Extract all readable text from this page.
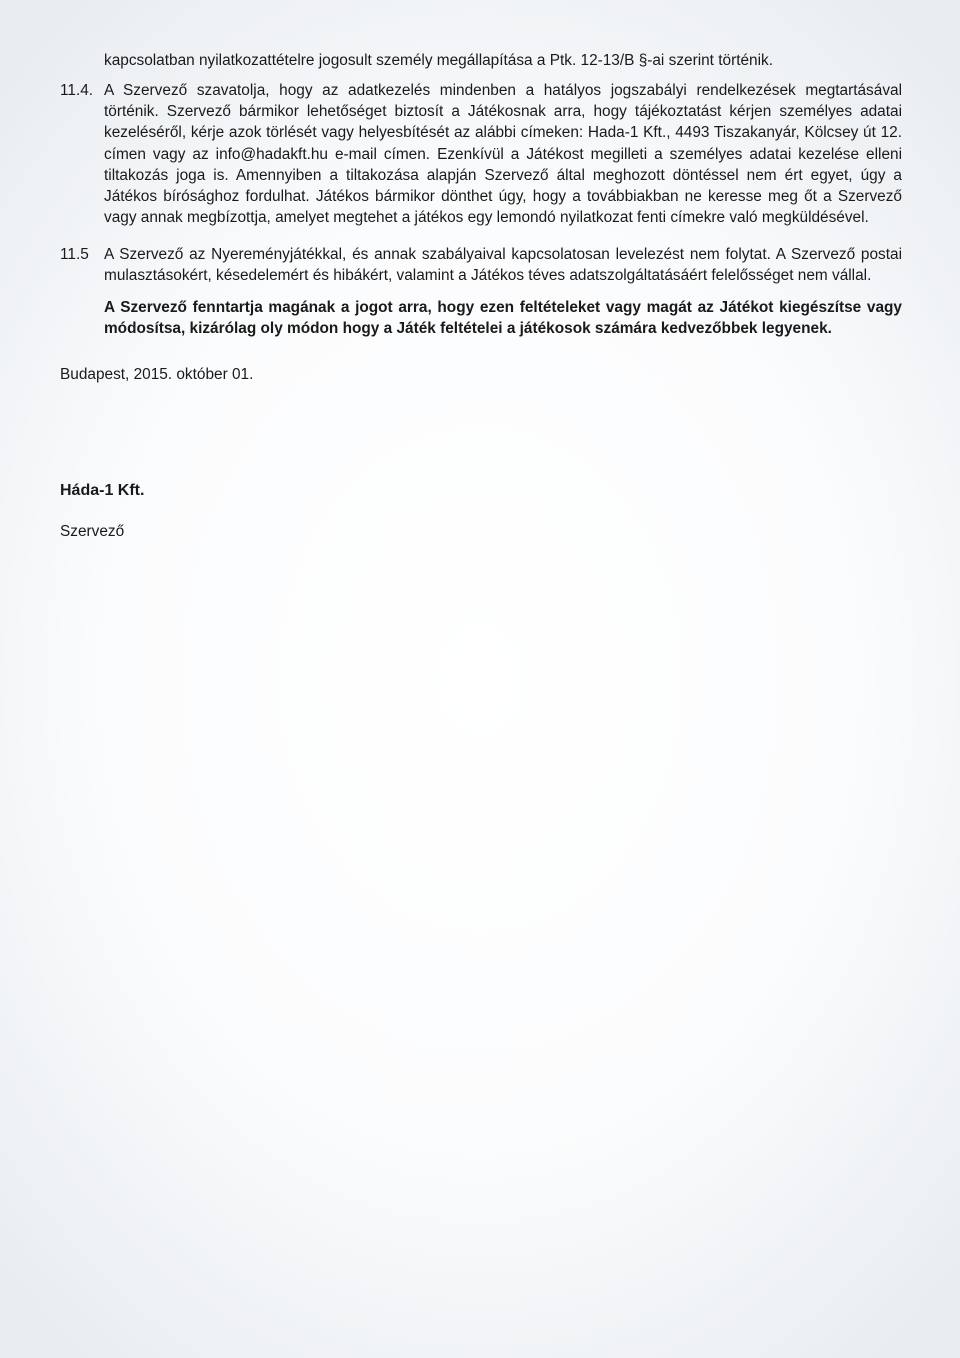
kapcsolatban nyilatkozattételre jogosult személy megállapítása a Ptk. 12-13/B §-ai szerint történik.
11.4. A Szervező szavatolja, hogy az adatkezelés mindenben a hatályos jogszabályi rendelkezések megtartásával történik. Szervező bármikor lehetőséget biztosít a Játékosnak arra, hogy tájékoztatást kérjen személyes adatai kezeléséről, kérje azok törlését vagy helyesbítését az alábbi címeken: Hada-1 Kft., 4493 Tiszakanyár, Kölcsey út 12. címen vagy az info@hadakft.hu e-mail címen. Ezenkívül a Játékost megilleti a személyes adatai kezelése elleni tiltakozás joga is. Amennyiben a tiltakozása alapján Szervező által meghozott döntéssel nem ért egyet, úgy a Játékos bírósághoz fordulhat. Játékos bármikor dönthet úgy, hogy a továbbiakban ne keresse meg őt a Szervező vagy annak megbízottja, amelyet megtehet a játékos egy lemondó nyilatkozat fenti címekre való megküldésével.
11.5 A Szervező az Nyereményjátékkal, és annak szabályaival kapcsolatosan levelezést nem folytat. A Szervező postai mulasztásokért, késedelemért és hibákért, valamint a Játékos téves adatszolgáltatásáért felelősséget nem vállal.
A Szervező fenntartja magának a jogot arra, hogy ezen feltételeket vagy magát az Játékot kiegészítse vagy módosítsa, kizárólag oly módon hogy a Játék feltételei a játékosok számára kedvezőbbek legyenek.
Budapest, 2015. október 01.
Háda-1 Kft.
Szervező
